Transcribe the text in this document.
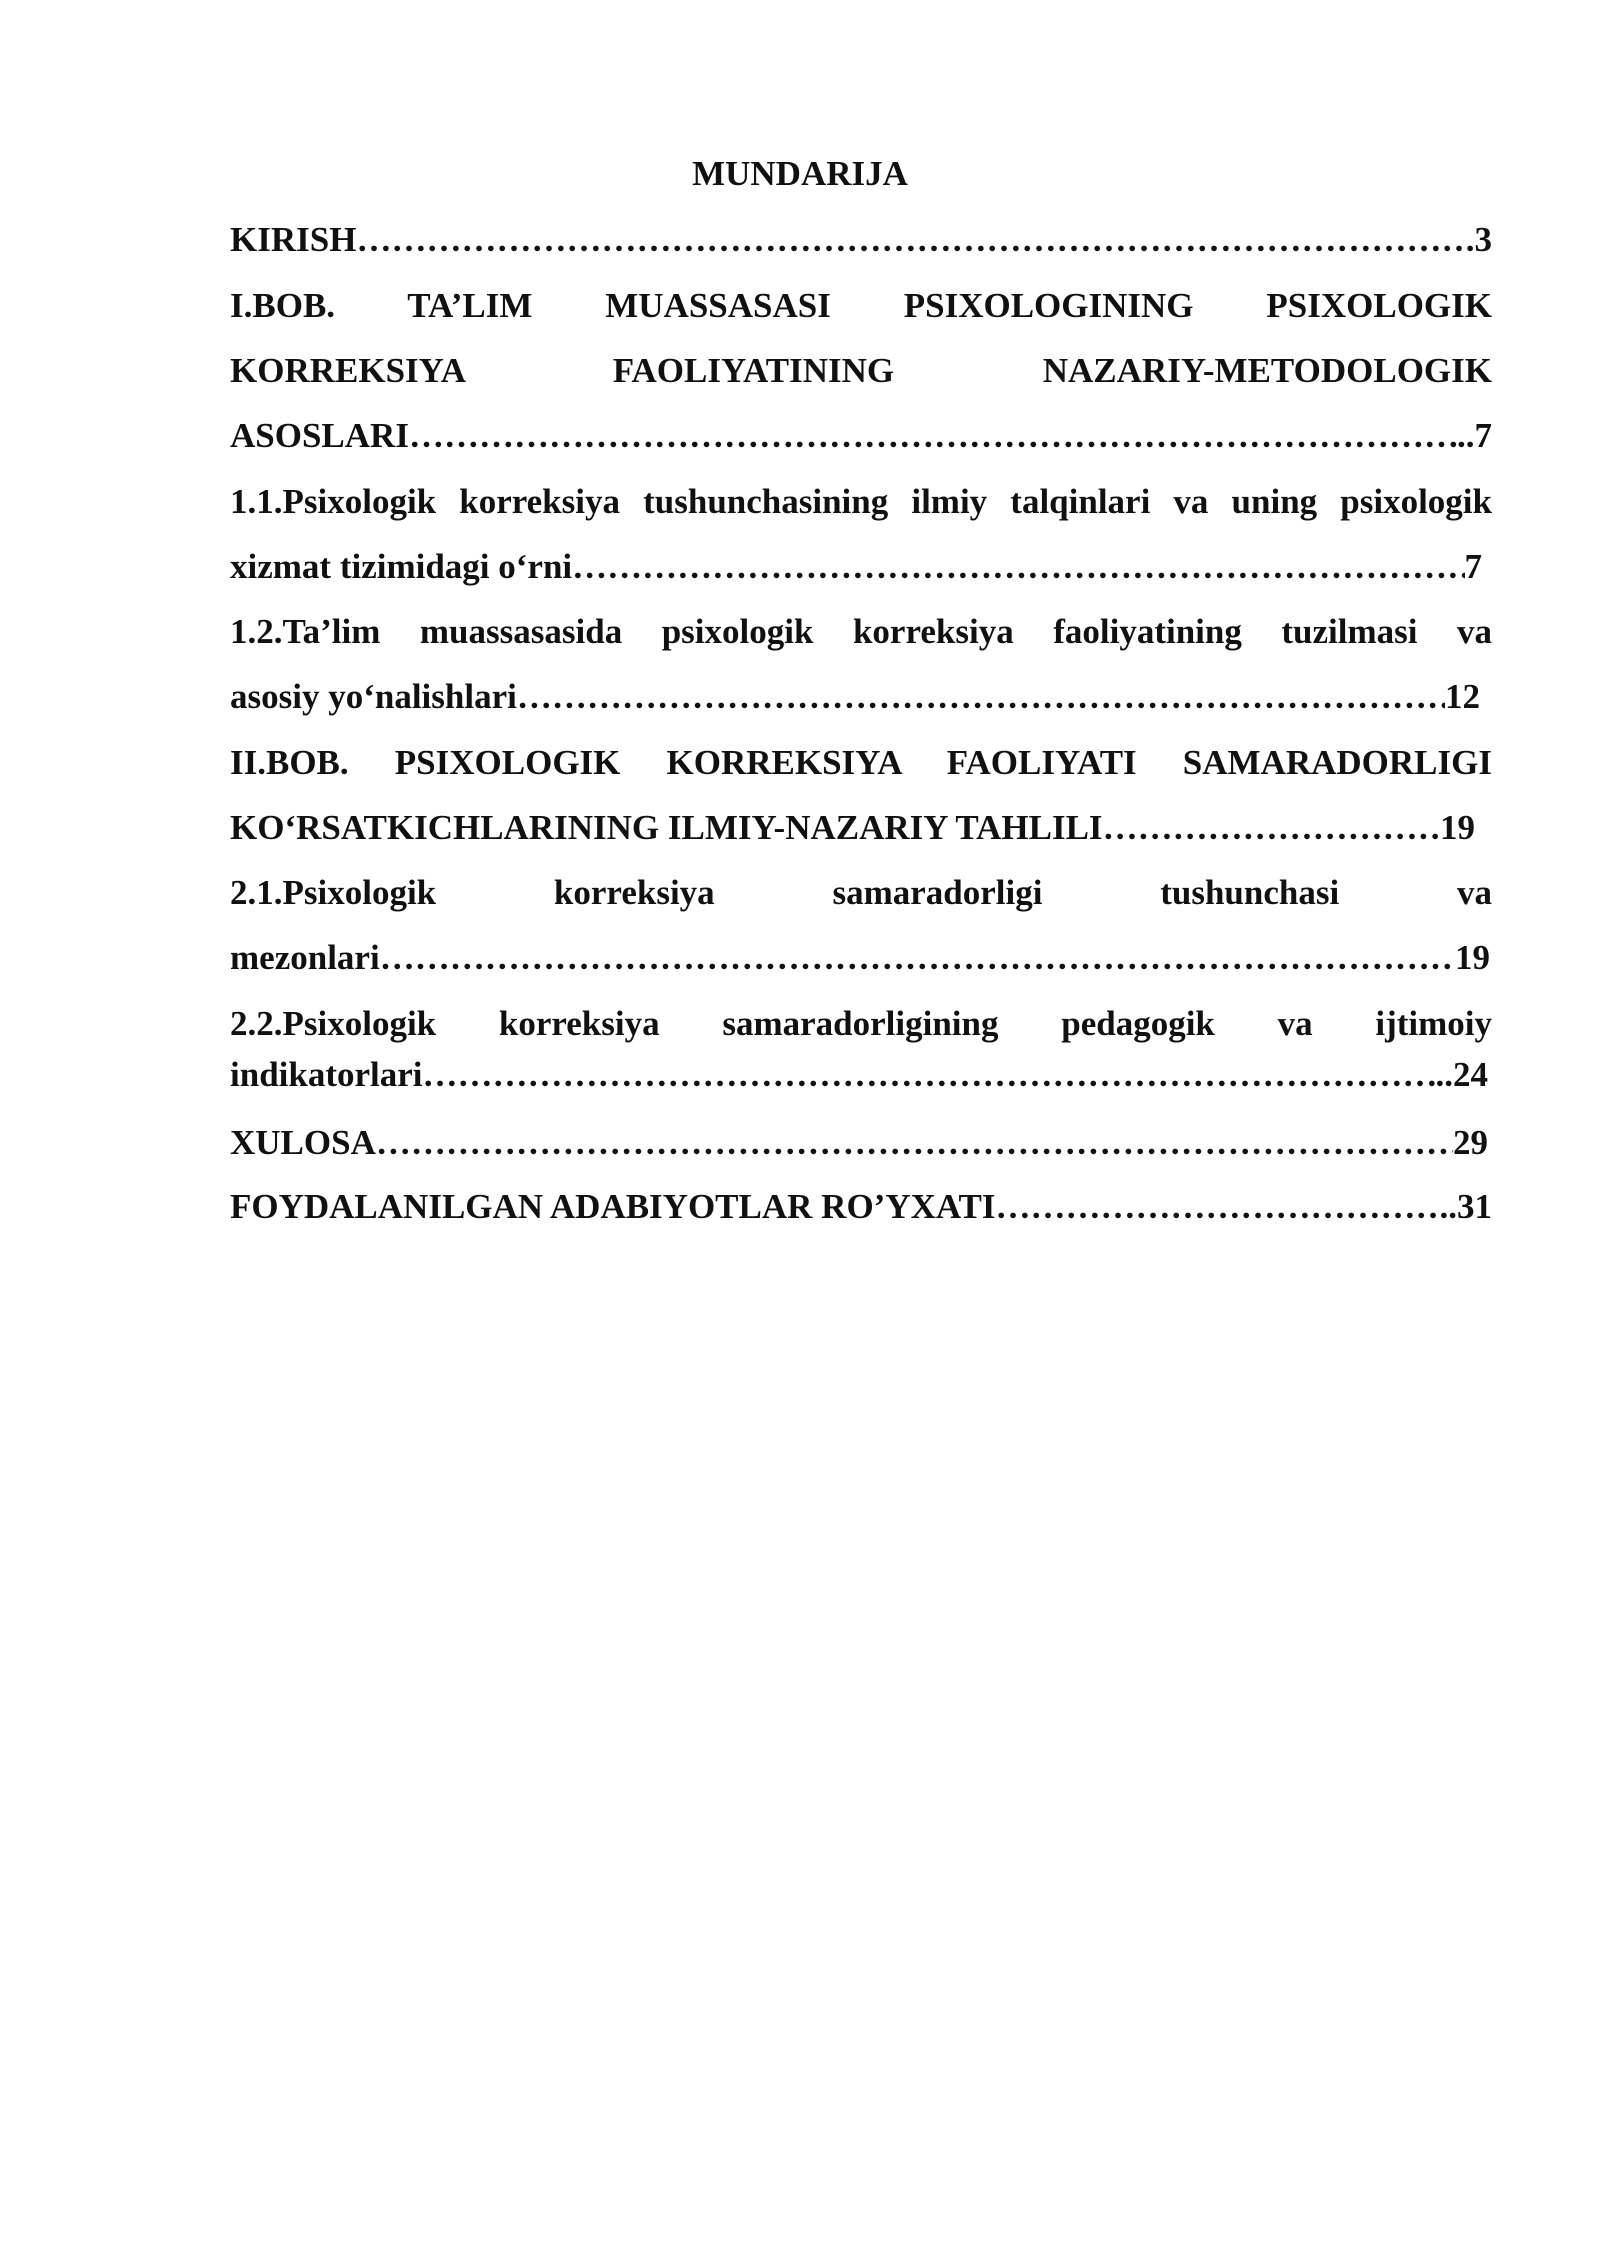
MUNDARIJA
KIRISH ……………………………………………………………………………………………………………………………………………………………………………………………………	.3
I.BOB. TA’LIM MUASSASASI PSIXOLOGINING PSIXOLOGIK
KORREKSIYA FAOLIYATINING NAZARIY-METODOLOGIK
ASOSLARI ……………………………………………………………………………………………………………………………………………………………………………………………………	..7
1.1.Psixologik korreksiya tushunchasining ilmiy talqinlari va uning psixologik
xizmat tizimidagi o‘rni ……………………………………………………………………………………………………………………………………………………………………………………………………	7
1.2.Ta’lim muassasasida psixologik korreksiya faoliyatining tuzilmasi va
asosiy yo‘nalishlari ……………………………………………………………………………………………………………………………………………………………………………………………………	12
II.BOB. PSIXOLOGIK KORREKSIYA FAOLIYATI SAMARADORLIGI
KO‘RSATKICHLARINING ILMIY-NAZARIY TAHLILI ……………………………………………………………………………………………………………………………………………………………………………………………………	19
2.1.Psixologik korreksiya samaradorligi tushunchasi va
mezonlari ……………………………………………………………………………………………………………………………………………………………………………………………………	19
2.2.Psixologik korreksiya samaradorligining pedagogik va ijtimoiy
indikatorlari ……………………………………………………………………………………………………………………………………………………………………………………………………	..24
XULOSA ……………………………………………………………………………………………………………………………………………………………………………………………………	29
FOYDALANILGAN ADABIYOTLAR RO’YXATI ……………………………………………………………………………………………………………………………………………………………………………………………………	..31
